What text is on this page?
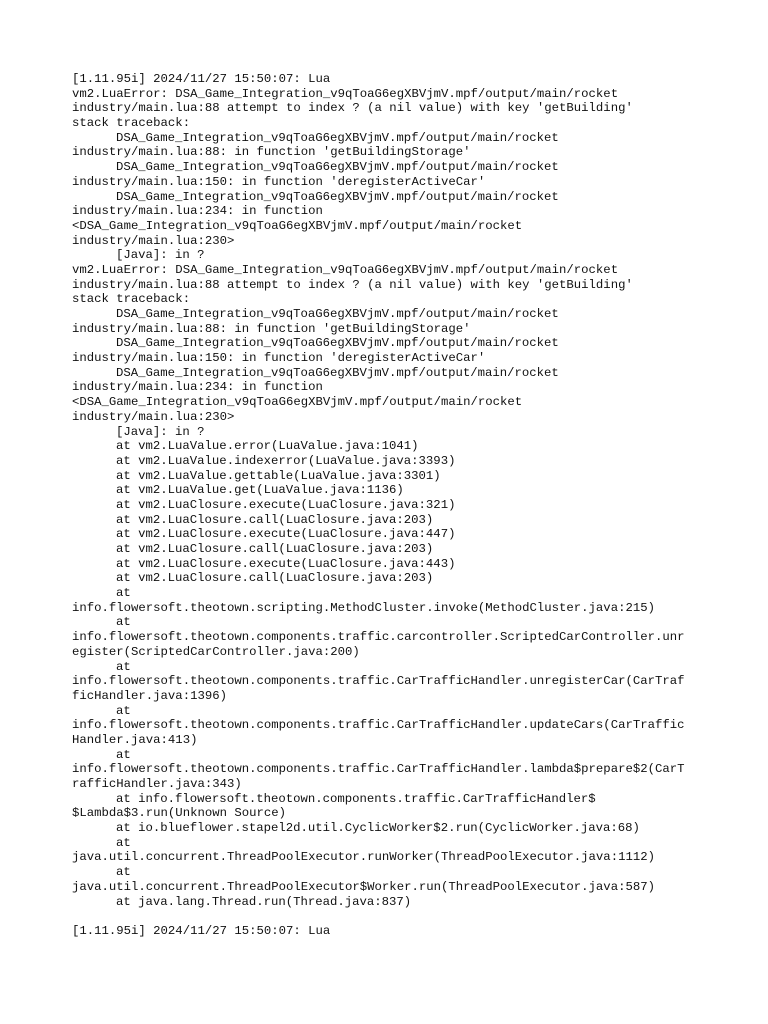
[1.11.95i] 2024/11/27 15:50:07: Lua
vm2.LuaError: DSA_Game_Integration_v9qToaG6egXBVjmV.mpf/output/main/rocket
industry/main.lua:88 attempt to index ? (a nil value) with key 'getBuilding'
stack traceback:
DSA_Game_Integration_v9qToaG6egXBVjmV.mpf/output/main/rocket
industry/main.lua:88: in function 'getBuildingStorage'
DSA_Game_Integration_v9qToaG6egXBVjmV.mpf/output/main/rocket
industry/main.lua:150: in function 'deregisterActiveCar'
DSA_Game_Integration_v9qToaG6egXBVjmV.mpf/output/main/rocket
industry/main.lua:234: in function
<DSA_Game_Integration_v9qToaG6egXBVjmV.mpf/output/main/rocket
industry/main.lua:230>
[Java]: in ?
vm2.LuaError: DSA_Game_Integration_v9qToaG6egXBVjmV.mpf/output/main/rocket
industry/main.lua:88 attempt to index ? (a nil value) with key 'getBuilding'
stack traceback:
DSA_Game_Integration_v9qToaG6egXBVjmV.mpf/output/main/rocket
industry/main.lua:88: in function 'getBuildingStorage'
DSA_Game_Integration_v9qToaG6egXBVjmV.mpf/output/main/rocket
industry/main.lua:150: in function 'deregisterActiveCar'
DSA_Game_Integration_v9qToaG6egXBVjmV.mpf/output/main/rocket
industry/main.lua:234: in function
<DSA_Game_Integration_v9qToaG6egXBVjmV.mpf/output/main/rocket
industry/main.lua:230>
[Java]: in ?
at vm2.LuaValue.error(LuaValue.java:1041)
at vm2.LuaValue.indexerror(LuaValue.java:3393)
at vm2.LuaValue.gettable(LuaValue.java:3301)
at vm2.LuaValue.get(LuaValue.java:1136)
at vm2.LuaClosure.execute(LuaClosure.java:321)
at vm2.LuaClosure.call(LuaClosure.java:203)
at vm2.LuaClosure.execute(LuaClosure.java:447)
at vm2.LuaClosure.call(LuaClosure.java:203)
at vm2.LuaClosure.execute(LuaClosure.java:443)
at vm2.LuaClosure.call(LuaClosure.java:203)
at
info.flowersoft.theotown.scripting.MethodCluster.invoke(MethodCluster.java:215)
at
info.flowersoft.theotown.components.traffic.carcontroller.ScriptedCarController.unr
egister(ScriptedCarController.java:200)
at
info.flowersoft.theotown.components.traffic.CarTrafficHandler.unregisterCar(CarTraf
ficHandler.java:1396)
at
info.flowersoft.theotown.components.traffic.CarTrafficHandler.updateCars(CarTraffic
Handler.java:413)
at
info.flowersoft.theotown.components.traffic.CarTrafficHandler.lambda$prepare$2(CarT
rafficHandler.java:343)
at info.flowersoft.theotown.components.traffic.CarTrafficHandler$
$Lambda$3.run(Unknown Source)
at io.blueflower.stapel2d.util.CyclicWorker$2.run(CyclicWorker.java:68)
at
java.util.concurrent.ThreadPoolExecutor.runWorker(ThreadPoolExecutor.java:1112)
at
java.util.concurrent.ThreadPoolExecutor$Worker.run(ThreadPoolExecutor.java:587)
at java.lang.Thread.run(Thread.java:837)
[1.11.95i] 2024/11/27 15:50:07: Lua
